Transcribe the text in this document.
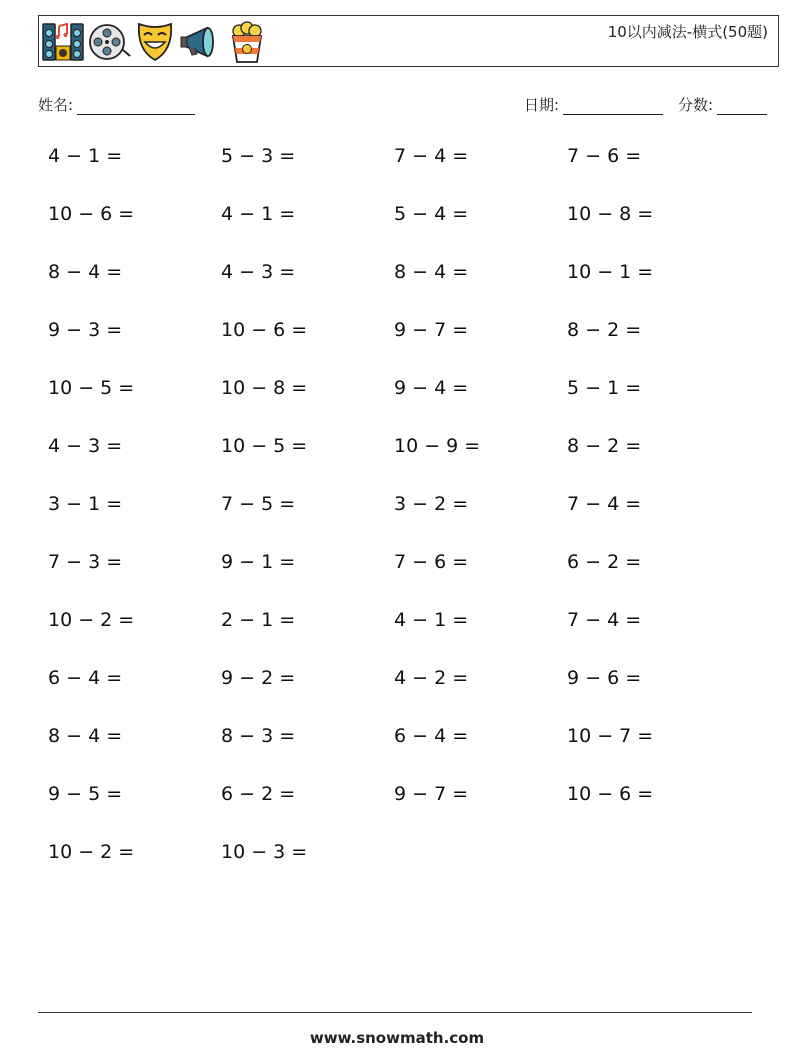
10以内减法-横式(50题)
姓名:	日期:	分数:
4 − 1 =	5 − 3 =	7 − 4 =	7 − 6 =
10 − 6 =	4 − 1 =	5 − 4 =	10 − 8 =
8 − 4 =	4 − 3 =	8 − 4 =	10 − 1 =
9 − 3 =	10 − 6 =	9 − 7 =	8 − 2 =
10 − 5 =	10 − 8 =	9 − 4 =	5 − 1 =
4 − 3 =	10 − 5 =	10 − 9 =	8 − 2 =
3 − 1 =	7 − 5 =	3 − 2 =	7 − 4 =
7 − 3 =	9 − 1 =	7 − 6 =	6 − 2 =
10 − 2 =	2 − 1 =	4 − 1 =	7 − 4 =
6 − 4 =	9 − 2 =	4 − 2 =	9 − 6 =
8 − 4 =	8 − 3 =	6 − 4 =	10 − 7 =
9 − 5 =	6 − 2 =	9 − 7 =	10 − 6 =
10 − 2 =	10 − 3 =
www.snowmath.com
